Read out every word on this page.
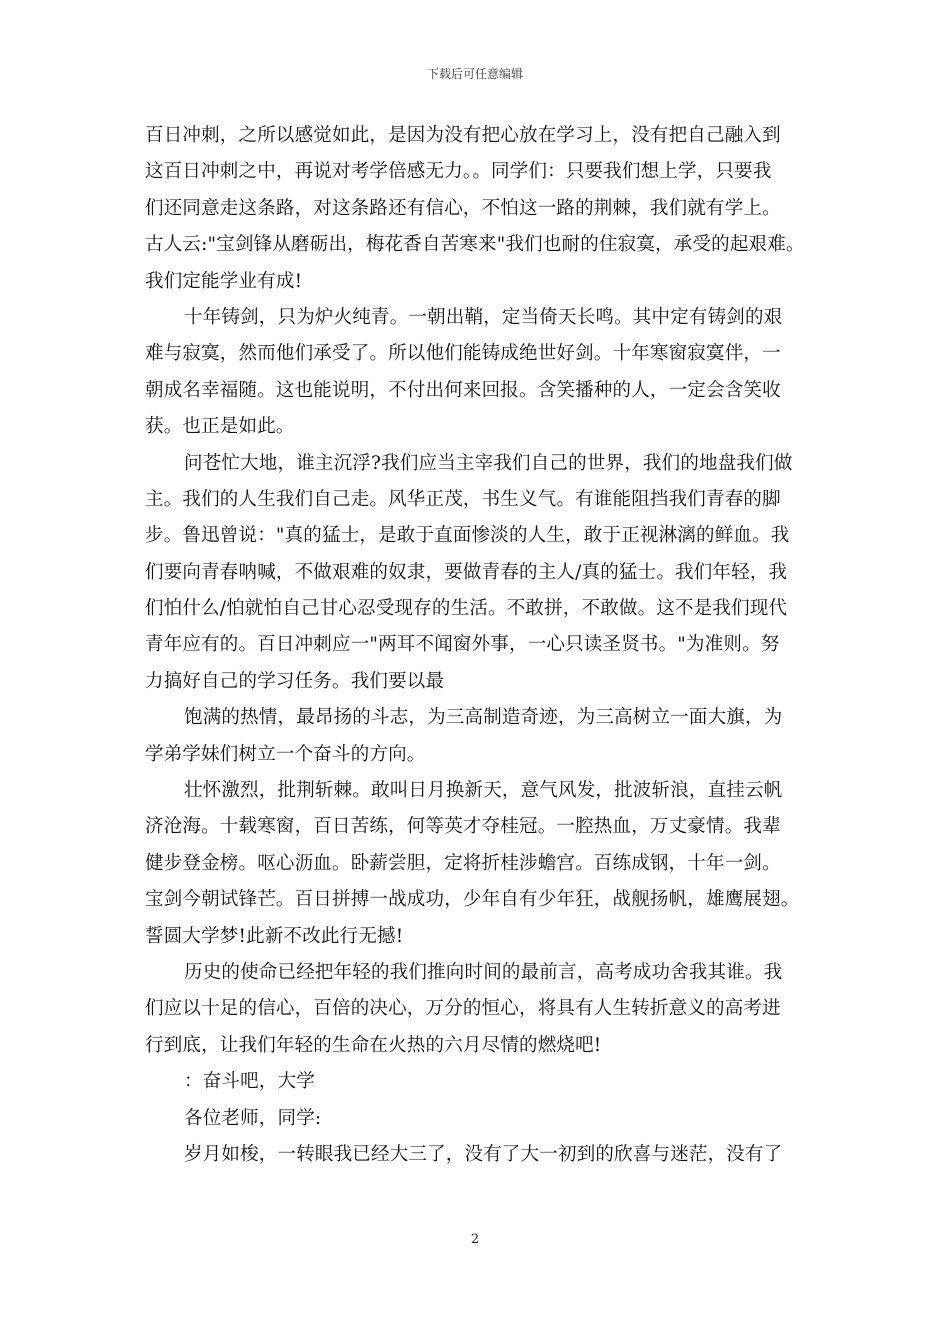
下载后可任意编辑
百日冲刺，之所以感觉如此，是因为没有把心放在学习上，没有把自己融入到
这百日冲刺之中，再说对考学倍感无力。。同学们：只要我们想上学，只要我
们还同意走这条路，对这条路还有信心，不怕这一路的荆棘，我们就有学上。
古人云:"宝剑锋从磨砺出，梅花香自苦寒来"我们也耐的住寂寞，承受的起艰难。
我们定能学业有成!
十年铸剑，只为炉火纯青。一朝出鞘，定当倚天长鸣。其中定有铸剑的艰
难与寂寞，然而他们承受了。所以他们能铸成绝世好剑。十年寒窗寂寞伴，一
朝成名幸福随。这也能说明，不付出何来回报。含笑播种的人，一定会含笑收
获。也正是如此。
问苍忙大地，谁主沉浮?我们应当主宰我们自己的世界，我们的地盘我们做
主。我们的人生我们自己走。风华正茂，书生义气。有谁能阻挡我们青春的脚
步。鲁迅曾说："真的猛士，是敢于直面惨淡的人生，敢于正视淋漓的鲜血。我
们要向青春呐喊，不做艰难的奴隶，要做青春的主人/真的猛士。我们年轻，我
们怕什么/怕就怕自己甘心忍受现存的生活。不敢拼，不敢做。这不是我们现代
青年应有的。百日冲刺应一"两耳不闻窗外事，一心只读圣贤书。"为准则。努
力搞好自己的学习任务。我们要以最
饱满的热情，最昂扬的斗志，为三高制造奇迹，为三高树立一面大旗，为
学弟学妹们树立一个奋斗的方向。
壮怀激烈，批荆斩棘。敢叫日月换新天，意气风发，批波斩浪，直挂云帆
济沧海。十载寒窗，百日苦练，何等英才夺桂冠。一腔热血，万丈豪情。我辈
健步登金榜。呕心沥血。卧薪尝胆，定将折桂涉蟾宫。百练成钢，十年一剑。
宝剑今朝试锋芒。百日拼搏一战成功，少年自有少年狂，战舰扬帆，雄鹰展翅。
誓圆大学梦!此新不改此行无撼!
历史的使命已经把年轻的我们推向时间的最前言，高考成功舍我其谁。我
们应以十足的信心，百倍的决心，万分的恒心，将具有人生转折意义的高考进
行到底，让我们年轻的生命在火热的六月尽情的燃烧吧!
：奋斗吧，大学
各位老师，同学:
岁月如梭，一转眼我已经大三了，没有了大一初到的欣喜与迷茫，没有了
2
